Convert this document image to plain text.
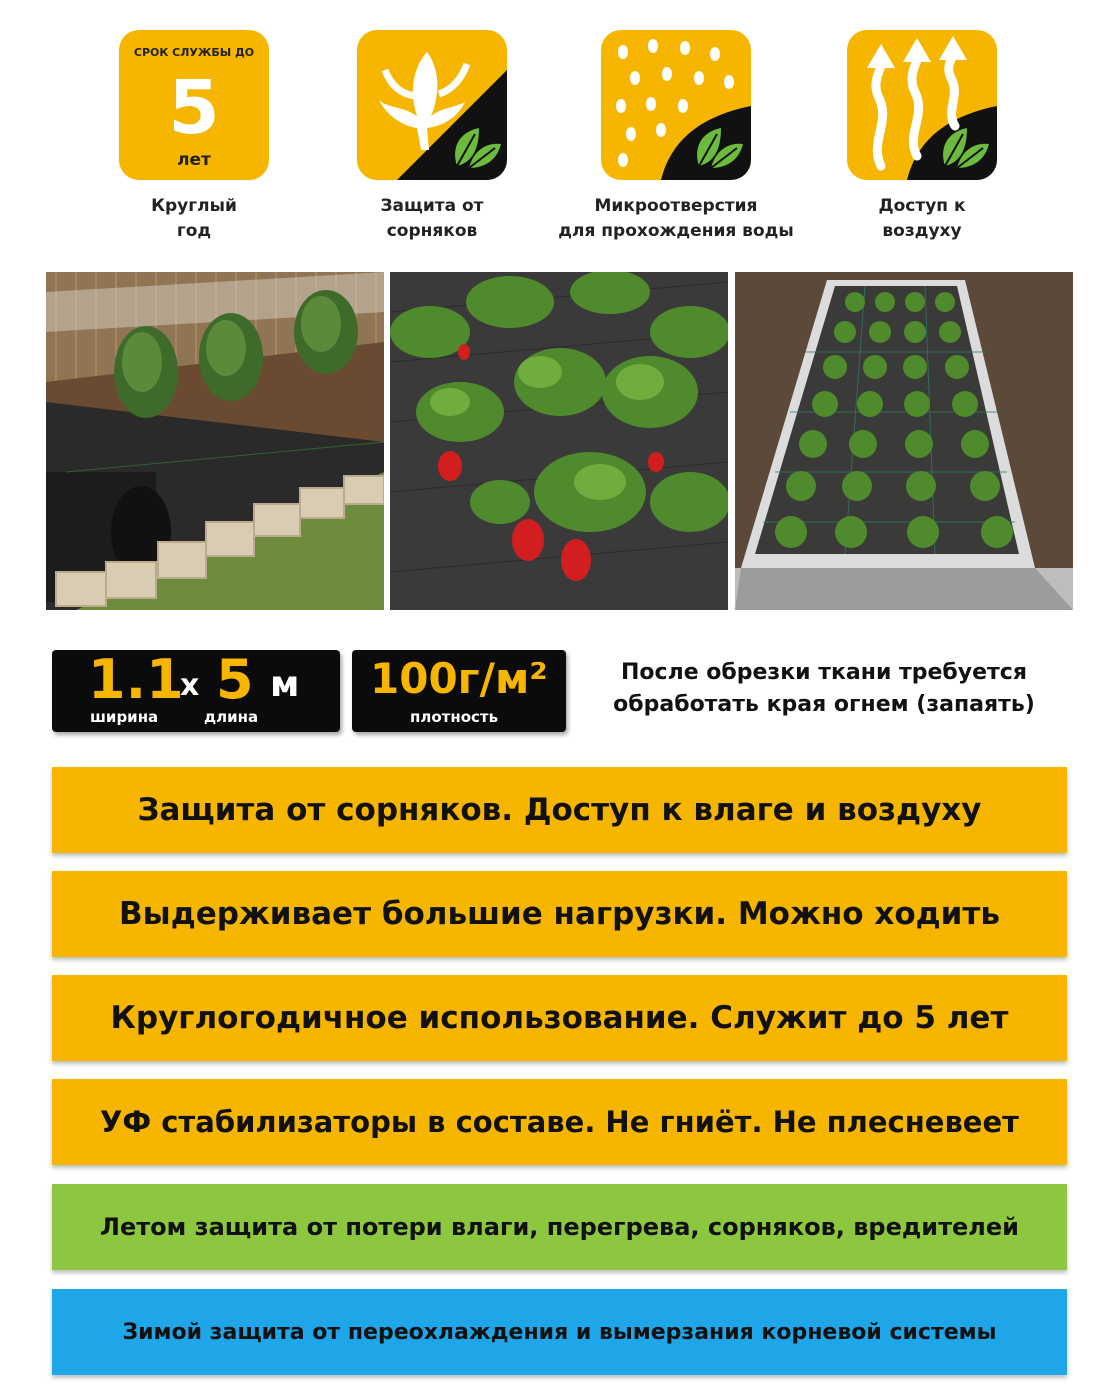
СРОК СЛУЖБЫ ДО
5
лет
Круглый
год
Защита от
сорняков
Микроотверстия
для прохождения воды
Доступ к
воздуху
1.1
х 5 м
ширина	длина
100г/м²
плотность
После обрезки ткани требуется
обработать края огнем (запаять)
Защита от сорняков. Доступ к влаге и воздуху
Выдерживает большие нагрузки. Можно ходить
Круглогодичное использование. Служит до 5 лет
УФ стабилизаторы в составе. Не гниёт. Не плесневеет
Летом защита от потери влаги, перегрева, сорняков, вредителей
Зимой защита от переохлаждения и вымерзания корневой системы
